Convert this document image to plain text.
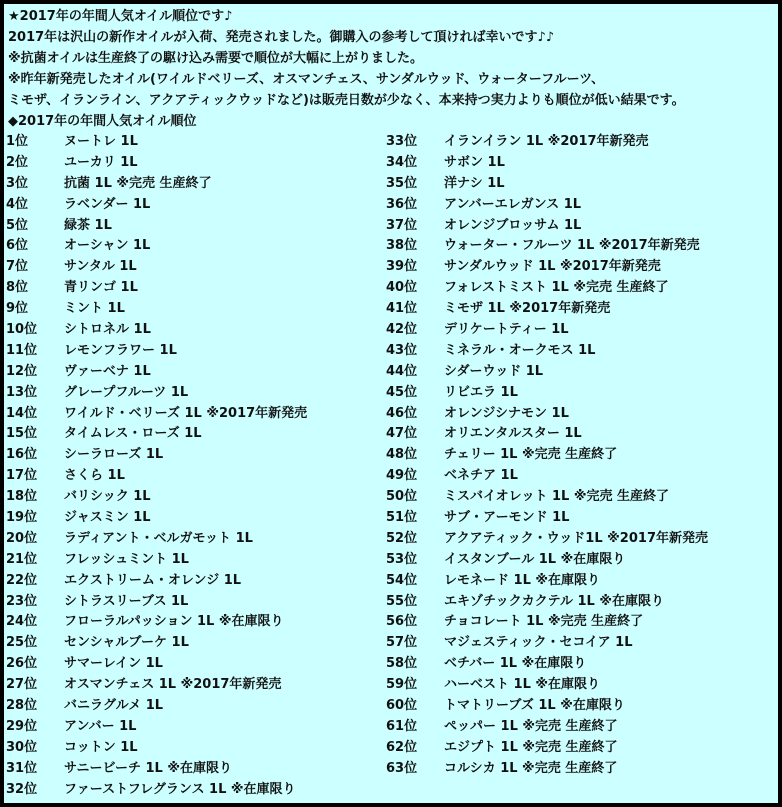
★2017年の年間人気オイル順位です♪
2017年は沢山の新作オイルが入荷、発売されました。御購入の参考して頂ければ幸いです♪♪
※抗菌オイルは生産終了の駆け込み需要で順位が大幅に上がりました。
※昨年新発売したオイル(ワイルドベリーズ、オスマンチェス、サンダルウッド、ウォーターフルーツ、
ミモザ、イランライン、アクアティックウッドなど)は販売日数が少なく、本来持つ実力よりも順位が低い結果です。
◆2017年の年間人気オイル順位
1位	ヌートレ 1L
2位	ユーカリ 1L
3位	抗菌 1L ※完売 生産終了
4位	ラベンダー 1L
5位	緑茶 1L
6位	オーシャン 1L
7位	サンタル 1L
8位	青リンゴ 1L
9位	ミント 1L
10位 シトロネル 1L
11位 レモンフラワー 1L
12位 ヴァーベナ 1L
13位 グレープフルーツ 1L
14位 ワイルド・ベリーズ 1L ※2017年新発売
15位 タイムレス・ローズ 1L
16位 シーラローズ 1L
17位 さくら 1L
18位 バリシック 1L
19位 ジャスミン 1L
20位 ラディアント・ベルガモット 1L
21位 フレッシュミント 1L
22位 エクストリーム・オレンジ 1L
23位 シトラスリーブス 1L
24位 フローラルパッション 1L ※在庫限り
25位 センシャルブーケ 1L
26位 サマーレイン 1L
27位 オスマンチェス 1L ※2017年新発売
28位 バニラグルメ 1L
29位 アンバー 1L
30位 コットン 1L
31位 サニービーチ 1L ※在庫限り
32位 ファーストフレグランス 1L ※在庫限り
33位 イランイラン 1L ※2017年新発売
34位 サボン 1L
35位 洋ナシ 1L
36位 アンバーエレガンス 1L
37位 オレンジブロッサム 1L
38位 ウォーター・フルーツ 1L ※2017年新発売
39位 サンダルウッド 1L ※2017年新発売
40位 フォレストミスト 1L ※完売 生産終了
41位 ミモザ 1L ※2017年新発売
42位 デリケートティー 1L
43位 ミネラル・オークモス 1L
44位 シダーウッド 1L
45位 リビエラ 1L
46位 オレンジシナモン 1L
47位 オリエンタルスター 1L
48位 チェリー 1L ※完売 生産終了
49位 ベネチア 1L
50位 ミスバイオレット 1L ※完売 生産終了
51位 サブ・アーモンド 1L
52位 アクアティック・ウッド1L ※2017年新発売
53位 イスタンブール 1L ※在庫限り
54位 レモネード 1L ※在庫限り
55位 エキゾチックカクテル 1L ※在庫限り
56位 チョコレート 1L ※完売 生産終了
57位 マジェスティック・セコイア 1L
58位 ベチバー 1L ※在庫限り
59位 ハーベスト 1L ※在庫限り
60位 トマトリーブズ 1L ※在庫限り
61位 ペッパー 1L ※完売 生産終了
62位 エジプト 1L ※完売 生産終了
63位 コルシカ 1L ※完売 生産終了
